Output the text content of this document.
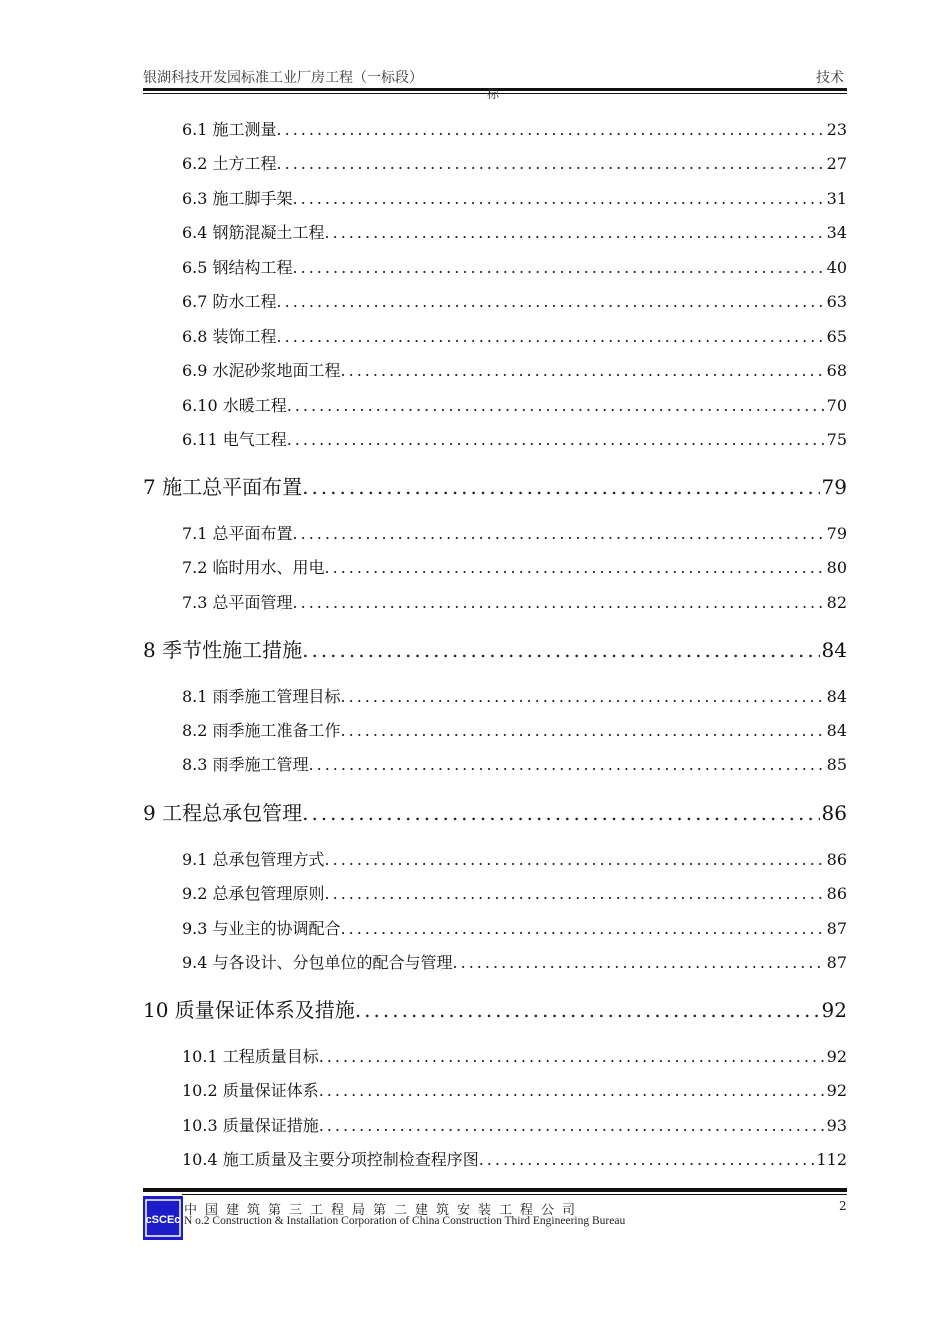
银湖科技开发园标准工业厂房工程（一标段）	技术
标
6.1 施工测量 .....	23
6.2 土方工程 .....	27
6.3 施工脚手架 .....	31
6.4 钢筋混凝土工程 .....	34
6.5 钢结构工程 .....	40
6.7 防水工程 .....	63
6.8 装饰工程 .....	65
6.9 水泥砂浆地面工程 .....	68
6.10 水暖工程 .....	70
6.11 电气工程 .....	75
7 施工总平面布置 .....	79
7.1 总平面布置 .....	79
7.2 临时用水、用电 .....	80
7.3 总平面管理 .....	82
8 季节性施工措施 .....	84
8.1 雨季施工管理目标 .....	84
8.2 雨季施工准备工作 .....	84
8.3 雨季施工管理 .....	85
9 工程总承包管理 .....	86
9.1 总承包管理方式 .....	86
9.2 总承包管理原则 .....	86
9.3 与业主的协调配合 .....	87
9.4 与各设计、分包单位的配合与管理 .....	87
10 质量保证体系及措施 .....	92
10.1 工程质量目标 .....	92
10.2 质量保证体系 .....	92
10.3 质量保证措施 .....	93
10.4 施工质量及主要分项控制检查程序图 .....	112
cSCEc
中国建筑第三工程局第二建筑安装工程公司
N o.2 Construction & Installation Corporation of China Construction Third Engineering Bureau
2
